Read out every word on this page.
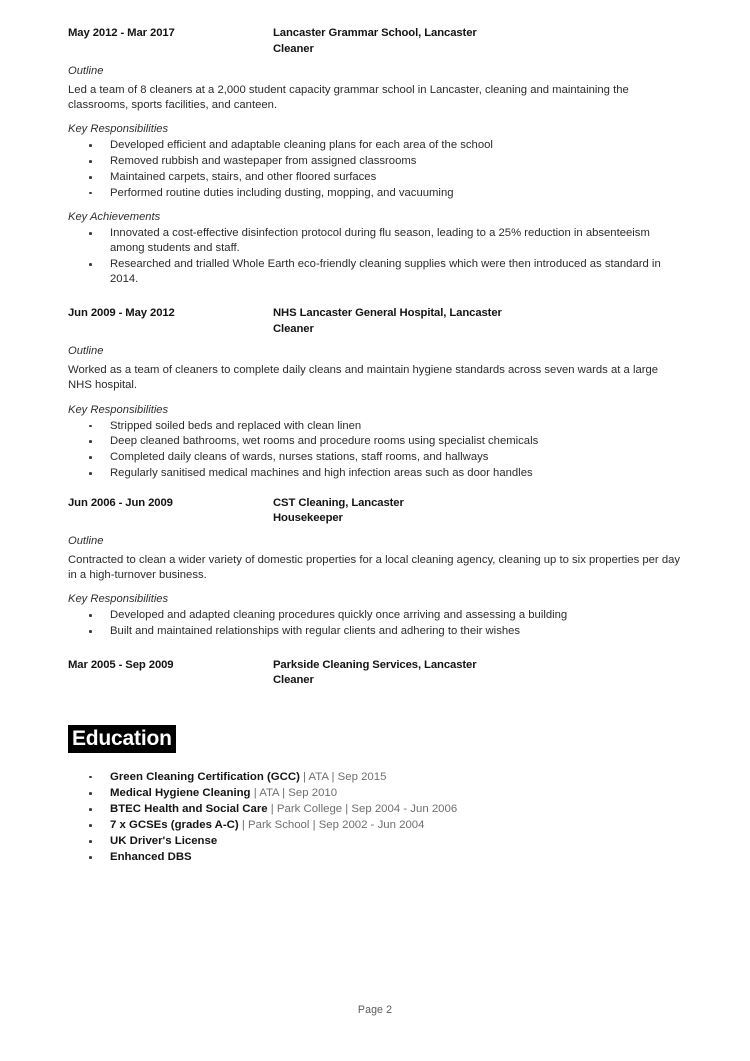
May 2012 - Mar 2017	Lancaster Grammar School, Lancaster
Cleaner
Outline

Led a team of 8 cleaners at a 2,000 student capacity grammar school in Lancaster, cleaning and maintaining the classrooms, sports facilities, and canteen.

Key Responsibilities
Developed efficient and adaptable cleaning plans for each area of the school
Removed rubbish and wastepaper from assigned classrooms
Maintained carpets, stairs, and other floored surfaces
Performed routine duties including dusting, mopping, and vacuuming
Key Achievements
Innovated a cost-effective disinfection protocol during flu season, leading to a 25% reduction in absenteeism among students and staff.
Researched and trialled Whole Earth eco-friendly cleaning supplies which were then introduced as standard in 2014.
Jun 2009 - May 2012	NHS Lancaster General Hospital, Lancaster
Cleaner
Outline

Worked as a team of cleaners to complete daily cleans and maintain hygiene standards across seven wards at a large NHS hospital.

Key Responsibilities
Stripped soiled beds and replaced with clean linen
Deep cleaned bathrooms, wet rooms and procedure rooms using specialist chemicals
Completed daily cleans of wards, nurses stations, staff rooms, and hallways
Regularly sanitised medical machines and high infection areas such as door handles
Jun 2006 - Jun 2009	CST Cleaning, Lancaster
Housekeeper
Outline

Contracted to clean a wider variety of domestic properties for a local cleaning agency, cleaning up to six properties per day in a high-turnover business.

Key Responsibilities
Developed and adapted cleaning procedures quickly once arriving and assessing a building
Built and maintained relationships with regular clients and adhering to their wishes
Mar 2005 - Sep 2009	Parkside Cleaning Services, Lancaster
Cleaner
Education
Green Cleaning Certification (GCC) | ATA | Sep 2015
Medical Hygiene Cleaning | ATA | Sep 2010
BTEC Health and Social Care | Park College | Sep 2004 - Jun 2006
7 x GCSEs (grades A-C) | Park School | Sep 2002 - Jun 2004
UK Driver's License
Enhanced DBS
Page 2
